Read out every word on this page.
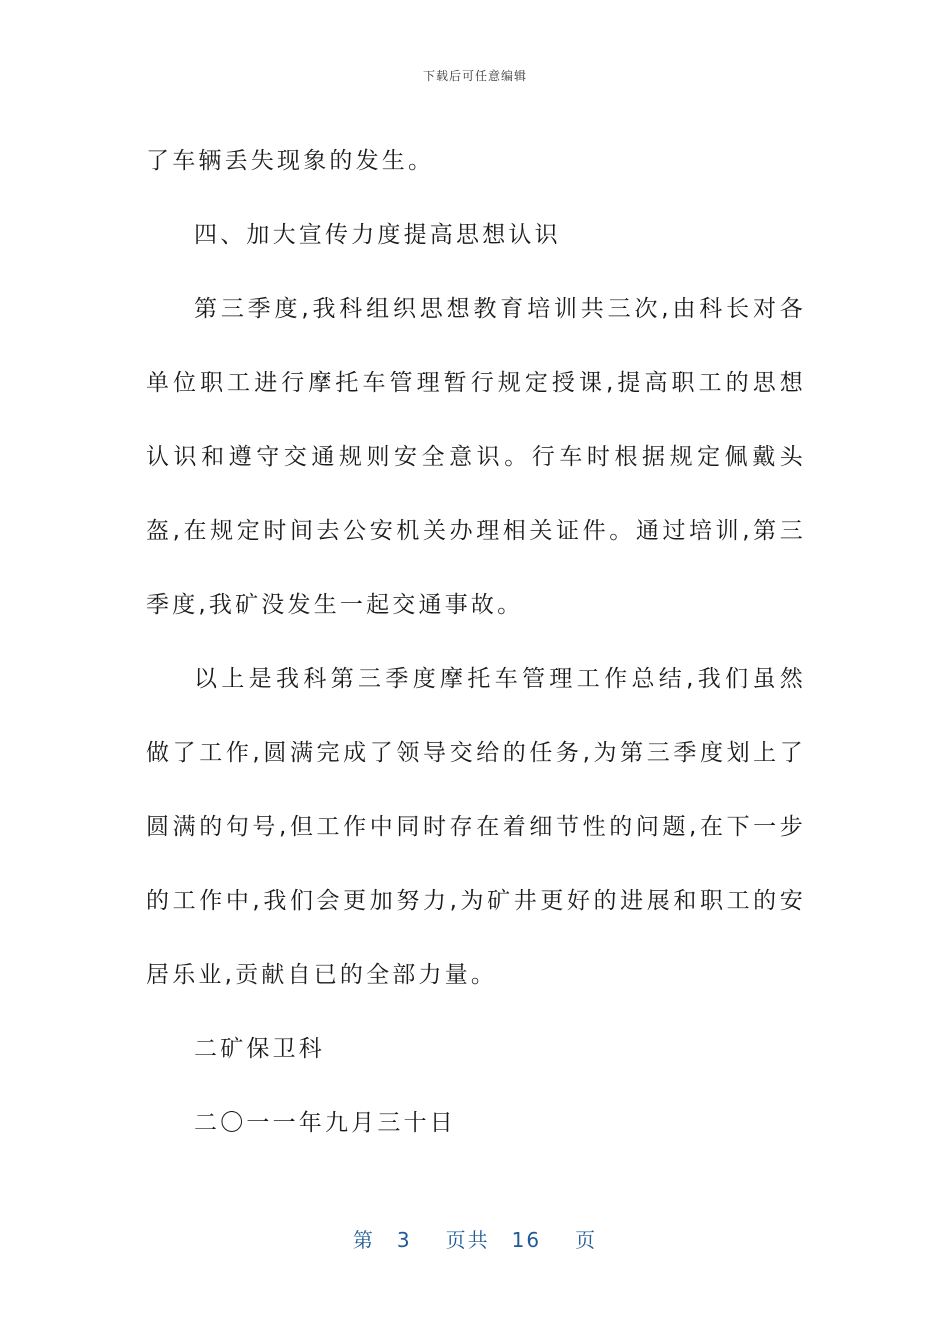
下载后可任意编辑

了车辆丢失现象的发生。

四、加大宣传力度提高思想认识

第三季度,我科组织思想教育培训共三次,由科长对各单位职工进行摩托车管理暂行规定授课,提高职工的思想认识和遵守交通规则安全意识。行车时根据规定佩戴头盔,在规定时间去公安机关办理相关证件。通过培训,第三季度,我矿没发生一起交通事故。

以上是我科第三季度摩托车管理工作总结,我们虽然做了工作,圆满完成了领导交给的任务,为第三季度划上了圆满的句号,但工作中同时存在着细节性的问题,在下一步的工作中,我们会更加努力,为矿井更好的进展和职工的安居乐业,贡献自已的全部力量。

二矿保卫科

二〇一一年九月三十日

第 3 页共 16 页
